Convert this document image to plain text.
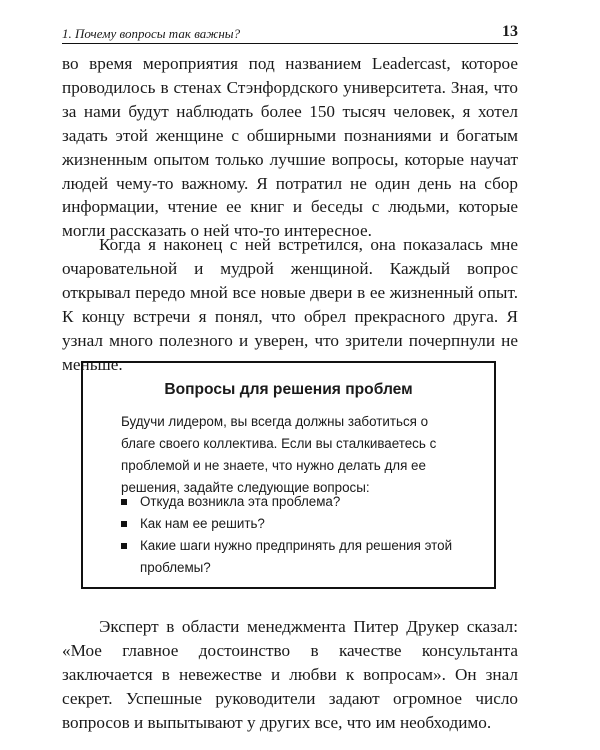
1. Почему вопросы так важны?	13

во время мероприятия под названием Leadercast, которое проводилось в стенах Стэнфордского университета. Зная, что за нами будут наблюдать более 150 тысяч человек, я хотел задать этой женщине с обширными познаниями и богатым жизненным опытом только лучшие вопросы, которые научат людей чему-то важному. Я потратил не один день на сбор информации, чтение ее книг и беседы с людьми, которые могли рассказать о ней что-то интересное.

Когда я наконец с ней встретился, она показалась мне очаровательной и мудрой женщиной. Каждый вопрос открывал передо мной все новые двери в ее жизненный опыт. К концу встречи я понял, что обрел прекрасного друга. Я узнал много полезного и уверен, что зрители почерпнули не меньше.

Вопросы для решения проблем

Будучи лидером, вы всегда должны заботиться о благе своего коллектива. Если вы сталкиваетесь с проблемой и не знаете, что нужно делать для ее решения, задайте следующие вопросы:

Откуда возникла эта проблема?
Как нам ее решить?
Какие шаги нужно предпринять для решения этой проблемы?

Эксперт в области менеджмента Питер Друкер сказал: «Мое главное достоинство в качестве консультанта заключается в невежестве и любви к вопросам». Он знал секрет. Успешные руководители задают огромное число вопросов и выпытывают у других все, что им необходимо.
